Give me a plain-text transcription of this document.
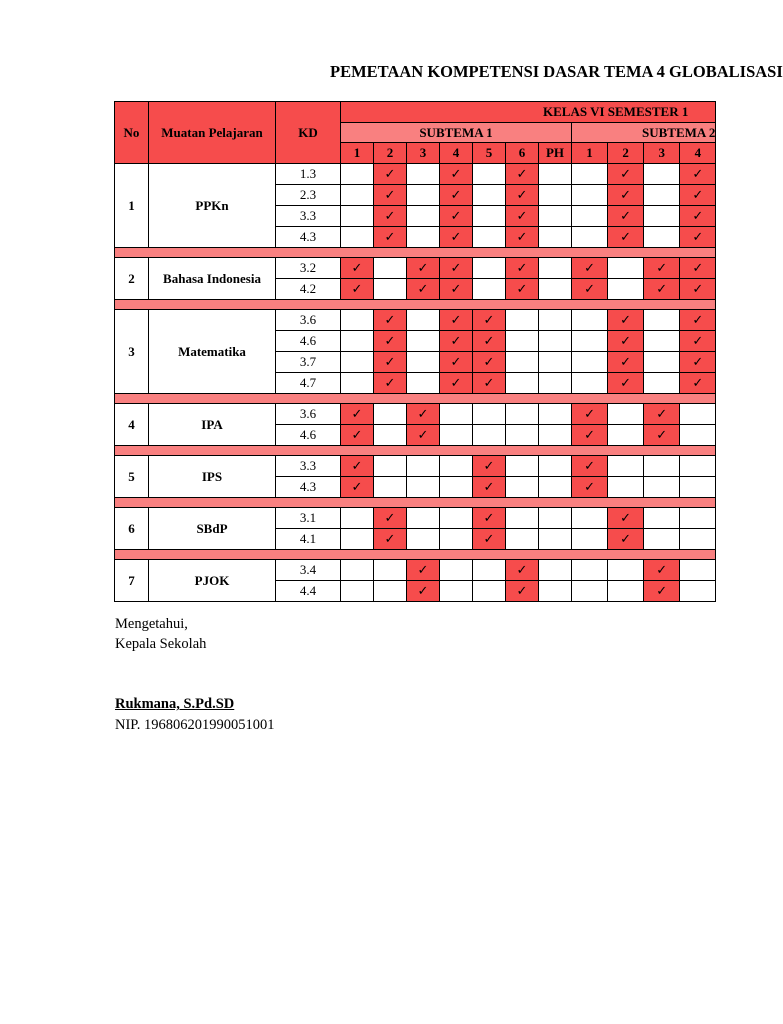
PEMETAAN KOMPETENSI DASAR TEMA 4 GLOBALISASI
No	Muatan Pelajaran	KD	KELAS VI SEMESTER 1										
			SUBTEMA 1							SUBTEMA 2			
			1	2	3	4	5	6	PH	1	2	3	4
1	PPKn	1.3		✓		✓		✓			✓		✓
		2.3		✓		✓		✓			✓		✓
		3.3		✓		✓		✓			✓		✓
		4.3		✓		✓		✓			✓		✓

2	Bahasa Indonesia	3.2	✓		✓	✓		✓		✓		✓	✓
		4.2	✓		✓	✓		✓		✓		✓	✓

3	Matematika	3.6		✓		✓	✓				✓		✓
		4.6		✓		✓	✓				✓		✓
		3.7		✓		✓	✓				✓		✓
		4.7		✓		✓	✓				✓		✓

4	IPA	3.6	✓		✓					✓		✓	
		4.6	✓		✓					✓		✓	

5	IPS	3.3	✓				✓			✓			
		4.3	✓				✓			✓			

6	SBdP	3.1		✓			✓				✓		
		4.1		✓			✓				✓		

7	PJOK	3.4			✓			✓				✓	
		4.4			✓			✓				✓	
Mengetahui,
Kepala Sekolah
Rukmana, S.Pd.SD
NIP. 196806201990051001
